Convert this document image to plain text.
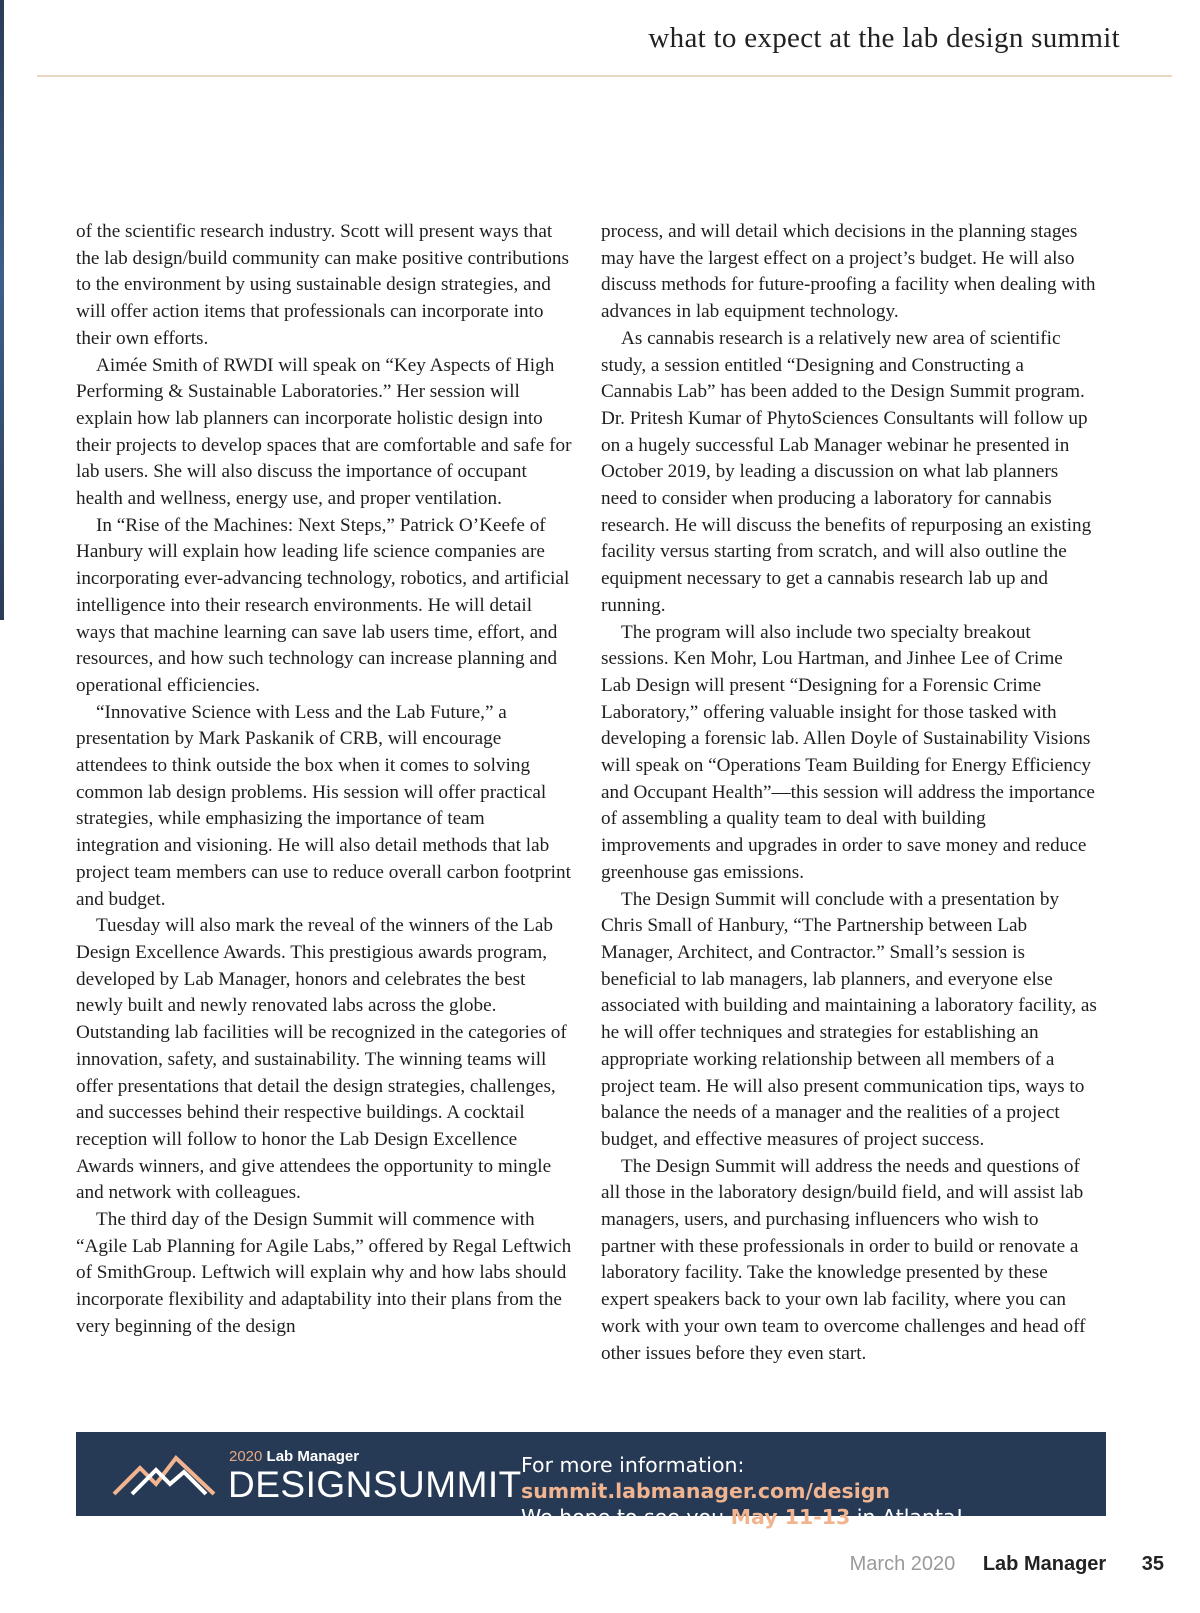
what to expect at the lab design summit

of the scientific research industry. Scott will present ways that the lab design/build community can make positive contributions to the environment by using sustainable design strategies, and will offer action items that professionals can incorporate into their own efforts.

Aimée Smith of RWDI will speak on “Key Aspects of High Performing & Sustainable Laboratories.” Her session will explain how lab planners can incorporate holistic design into their projects to develop spaces that are comfortable and safe for lab users. She will also discuss the importance of occupant health and wellness, energy use, and proper ventilation.

In “Rise of the Machines: Next Steps,” Patrick O’Keefe of Hanbury will explain how leading life science companies are incorporating ever-advancing technology, robotics, and artificial intelligence into their research environments. He will detail ways that machine learning can save lab users time, effort, and resources, and how such technology can increase planning and operational efficiencies.

“Innovative Science with Less and the Lab Future,” a presentation by Mark Paskanik of CRB, will encourage attendees to think outside the box when it comes to solving common lab design problems. His session will offer practical strategies, while emphasizing the importance of team integration and visioning. He will also detail methods that lab project team members can use to reduce overall carbon footprint and budget.

Tuesday will also mark the reveal of the winners of the Lab Design Excellence Awards. This prestigious awards program, developed by Lab Manager, honors and celebrates the best newly built and newly renovated labs across the globe. Outstanding lab facilities will be recognized in the categories of innovation, safety, and sustainability. The winning teams will offer presentations that detail the design strategies, challenges, and successes behind their respective buildings. A cocktail reception will follow to honor the Lab Design Excellence Awards winners, and give attendees the opportunity to mingle and network with colleagues.

The third day of the Design Summit will commence with “Agile Lab Planning for Agile Labs,” offered by Regal Leftwich of SmithGroup. Leftwich will explain why and how labs should incorporate flexibility and adaptability into their plans from the very beginning of the design

process, and will detail which decisions in the planning stages may have the largest effect on a project’s budget. He will also discuss methods for future-proofing a facility when dealing with advances in lab equipment technology.

As cannabis research is a relatively new area of scientific study, a session entitled “Designing and Constructing a Cannabis Lab” has been added to the Design Summit program. Dr. Pritesh Kumar of PhytoSciences Consultants will follow up on a hugely successful Lab Manager webinar he presented in October 2019, by leading a discussion on what lab planners need to consider when producing a laboratory for cannabis research. He will discuss the benefits of repurposing an existing facility versus starting from scratch, and will also outline the equipment necessary to get a cannabis research lab up and running.

The program will also include two specialty breakout sessions. Ken Mohr, Lou Hartman, and Jinhee Lee of Crime Lab Design will present “Designing for a Forensic Crime Laboratory,” offering valuable insight for those tasked with developing a forensic lab. Allen Doyle of Sustainability Visions will speak on “Operations Team Building for Energy Efficiency and Occupant Health”—this session will address the importance of assembling a quality team to deal with building improvements and upgrades in order to save money and reduce greenhouse gas emissions.

The Design Summit will conclude with a presentation by Chris Small of Hanbury, “The Partnership between Lab Manager, Architect, and Contractor.” Small’s session is beneficial to lab managers, lab planners, and everyone else associated with building and maintaining a laboratory facility, as he will offer techniques and strategies for establishing an appropriate working relationship between all members of a project team. He will also present communication tips, ways to balance the needs of a manager and the realities of a project budget, and effective measures of project success.

The Design Summit will address the needs and questions of all those in the laboratory design/build field, and will assist lab managers, users, and purchasing influencers who wish to partner with these professionals in order to build or renovate a laboratory facility. Take the knowledge presented by these expert speakers back to your own lab facility, where you can work with your own team to overcome challenges and head off other issues before they even start.

2020 Lab Manager
DESIGNSUMMIT For more information: summit.labmanager.com/design
We hope to see you May 11-13 in Atlanta!
March 2020 Lab Manager 35
